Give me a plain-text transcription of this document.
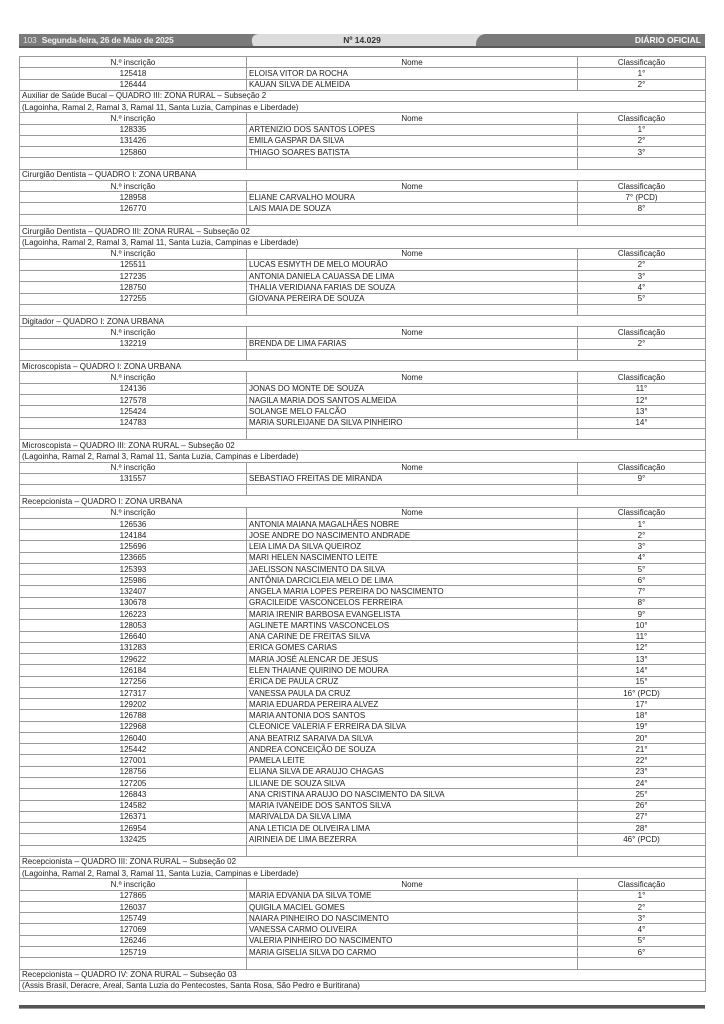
103 Segunda-feira, 26 de Maio de 2025	Nº 14.029	DIÁRIO OFICIAL
N.º inscrição	Nome	Classificação
125418	ELOISA VITOR DA ROCHA	1°
126444	KAUAN SILVA DE ALMEIDA	2°
Auxiliar de Saúde Bucal – QUADRO III: ZONA RURAL – Subseção 2		
(Lagoinha, Ramal 2, Ramal 3, Ramal 11, Santa Luzia, Campinas e Liberdade)		
N.º inscrição	Nome	Classificação
128335	ARTENIZIO DOS SANTOS LOPES	1°
131426	EMILA GASPAR DA SILVA	2°
125860	THIAGO SOARES BATISTA	3°

Cirurgião Dentista – QUADRO I: ZONA URBANA		
N.º inscrição	Nome	Classificação
128958	ELIANE CARVALHO MOURA	7° (PCD)
126770	LAIS MAIA DE SOUZA	8°

Cirurgião Dentista – QUADRO III: ZONA RURAL – Subseção 02		
(Lagoinha, Ramal 2, Ramal 3, Ramal 11, Santa Luzia, Campinas e Liberdade)		
N.º inscrição	Nome	Classificação
125511	LUCAS ESMYTH DE MELO MOURÃO	2°
127235	ANTONIA DANIELA CAUASSA DE LIMA	3°
128750	THALIA VERIDIANA FARIAS DE SOUZA	4°
127255	GIOVANA PEREIRA DE SOUZA	5°

Digitador – QUADRO I: ZONA URBANA		
N.º inscrição	Nome	Classificação
132219	BRENDA DE LIMA FARIAS	2°

Microscopista – QUADRO I: ZONA URBANA		
N.º inscrição	Nome	Classificação
124136	JONAS DO MONTE DE SOUZA	11°
127578	NAGILA MARIA DOS SANTOS ALMEIDA	12°
125424	SOLANGE MELO FALCÃO	13°
124783	MARIA SURLEIJANE DA SILVA PINHEIRO	14°

Microscopista – QUADRO III: ZONA RURAL – Subseção 02		
(Lagoinha, Ramal 2, Ramal 3, Ramal 11, Santa Luzia, Campinas e Liberdade)		
N.º inscrição	Nome	Classificação
131557	SEBASTIAO FREITAS DE MIRANDA	9°

Recepcionista – QUADRO I: ZONA URBANA		
N.º inscrição	Nome	Classificação
126536	ANTONIA MAIANA MAGALHÃES NOBRE	1°
124184	JOSE ANDRE DO NASCIMENTO ANDRADE	2°
125696	LEIA LIMA DA SILVA QUEIROZ	3°
123665	MARI HELEN NASCIMENTO LEITE	4°
125393	JAELISSON NASCIMENTO DA SILVA	5°
125986	ANTÔNIA DARCICLEIA MELO DE LIMA	6°
132407	ANGELA MARIA LOPES PEREIRA DO NASCIMENTO	7°
130678	GRACILEIDE VASCONCELOS FERREIRA	8°
126223	MARIA IRENIR BARBOSA EVANGELISTA	9°
128053	AGLINETE MARTINS VASCONCELOS	10°
126640	ANA CARINE DE FREITAS SILVA	11°
131283	ERICA GOMES CARIAS	12°
129622	MARIA JOSÉ ALENCAR DE JESUS	13°
126184	ELEN THAIANE QUIRINO DE MOURA	14°
127256	ÉRICA DE PAULA CRUZ	15°
127317	VANESSA PAULA DA CRUZ	16° (PCD)
129202	MARIA EDUARDA PEREIRA ALVEZ	17°
126788	MARIA ANTONIA DOS SANTOS	18°
122968	CLEONICE VALERIA F ERREIRA DA SILVA	19°
126040	ANA BEATRIZ SARAIVA DA SILVA	20°
125442	ANDREA CONCEIÇÃO DE SOUZA	21°
127001	PAMELA LEITE	22°
128756	ELIANA SILVA DE ARAUJO CHAGAS	23°
127205	LILIANE DE SOUZA SILVA	24°
126843	ANA CRISTINA ARAUJO DO NASCIMENTO DA SILVA	25°
124582	MARIA IVANEIDE DOS SANTOS SILVA	26°
126371	MARIVALDA DA SILVA LIMA	27°
126954	ANA LETICIA DE OLIVEIRA LIMA	28°
132425	AIRINEIA DE LIMA BEZERRA	46° (PCD)

Recepcionista – QUADRO III: ZONA RURAL – Subseção 02		
(Lagoinha, Ramal 2, Ramal 3, Ramal 11, Santa Luzia, Campinas e Liberdade)		
N.º inscrição	Nome	Classificação
127865	MARIA EDVANIA DA SILVA TOME	1°
126037	QUIGILA MACIEL GOMES	2°
125749	NAIARA PINHEIRO DO NASCIMENTO	3°
127069	VANESSA CARMO OLIVEIRA	4°
126246	VALERIA PINHEIRO DO NASCIMENTO	5°
125719	MARIA GISELIA SILVA DO CARMO	6°

Recepcionista – QUADRO IV: ZONA RURAL – Subseção 03		
(Assis Brasil, Deracre, Areal, Santa Luzia do Pentecostes, Santa Rosa, São Pedro e Buritirana)		
